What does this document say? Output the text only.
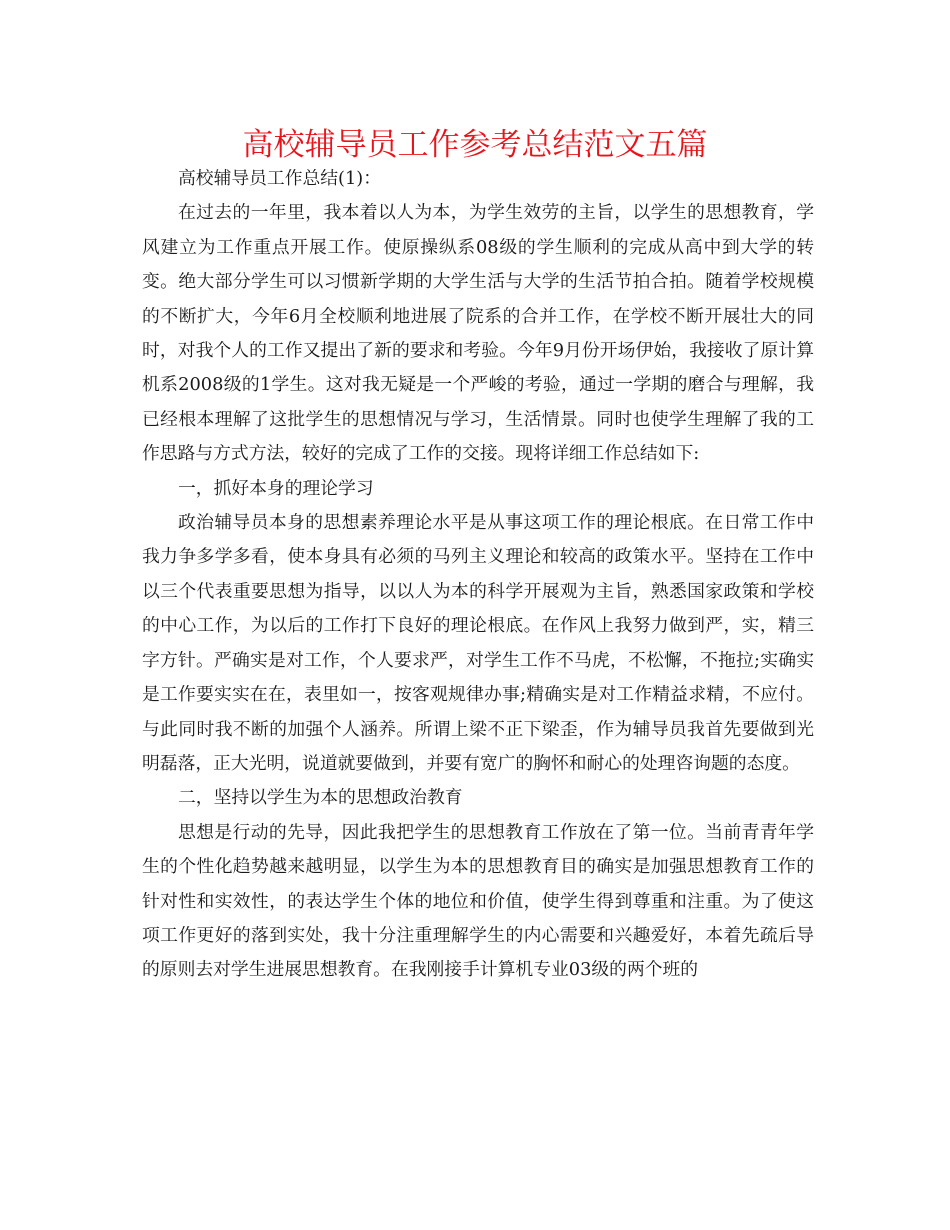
高校辅导员工作参考总结范文五篇

高校辅导员工作总结(1)：

在过去的一年里，我本着以人为本，为学生效劳的主旨，以学生的思想教育，学风建立为工作重点开展工作。使原操纵系08级的学生顺利的完成从高中到大学的转变。绝大部分学生可以习惯新学期的大学生活与大学的生活节拍合拍。随着学校规模的不断扩大，今年6月全校顺利地进展了院系的合并工作，在学校不断开展壮大的同时，对我个人的工作又提出了新的要求和考验。今年9月份开场伊始，我接收了原计算机系2008级的1学生。这对我无疑是一个严峻的考验，通过一学期的磨合与理解，我已经根本理解了这批学生的思想情况与学习，生活情景。同时也使学生理解了我的工作思路与方式方法，较好的完成了工作的交接。现将详细工作总结如下:

一，抓好本身的理论学习

政治辅导员本身的思想素养理论水平是从事这项工作的理论根底。在日常工作中我力争多学多看，使本身具有必须的马列主义理论和较高的政策水平。坚持在工作中以三个代表重要思想为指导，以以人为本的科学开展观为主旨，熟悉国家政策和学校的中心工作，为以后的工作打下良好的理论根底。在作风上我努力做到严，实，精三字方针。严确实是对工作，个人要求严，对学生工作不马虎，不松懈，不拖拉;实确实是工作要实实在在，表里如一，按客观规律办事;精确实是对工作精益求精，不应付。与此同时我不断的加强个人涵养。所谓上梁不正下梁歪，作为辅导员我首先要做到光明磊落，正大光明，说道就要做到，并要有宽广的胸怀和耐心的处理咨询题的态度。

二，坚持以学生为本的思想政治教育

思想是行动的先导，因此我把学生的思想教育工作放在了第一位。当前青青年学生的个性化趋势越来越明显，以学生为本的思想教育目的确实是加强思想教育工作的针对性和实效性，的表达学生个体的地位和价值，使学生得到尊重和注重。为了使这项工作更好的落到实处，我十分注重理解学生的内心需要和兴趣爱好，本着先疏后导的原则去对学生进展思想教育。在我刚接手计算机专业03级的两个班的
